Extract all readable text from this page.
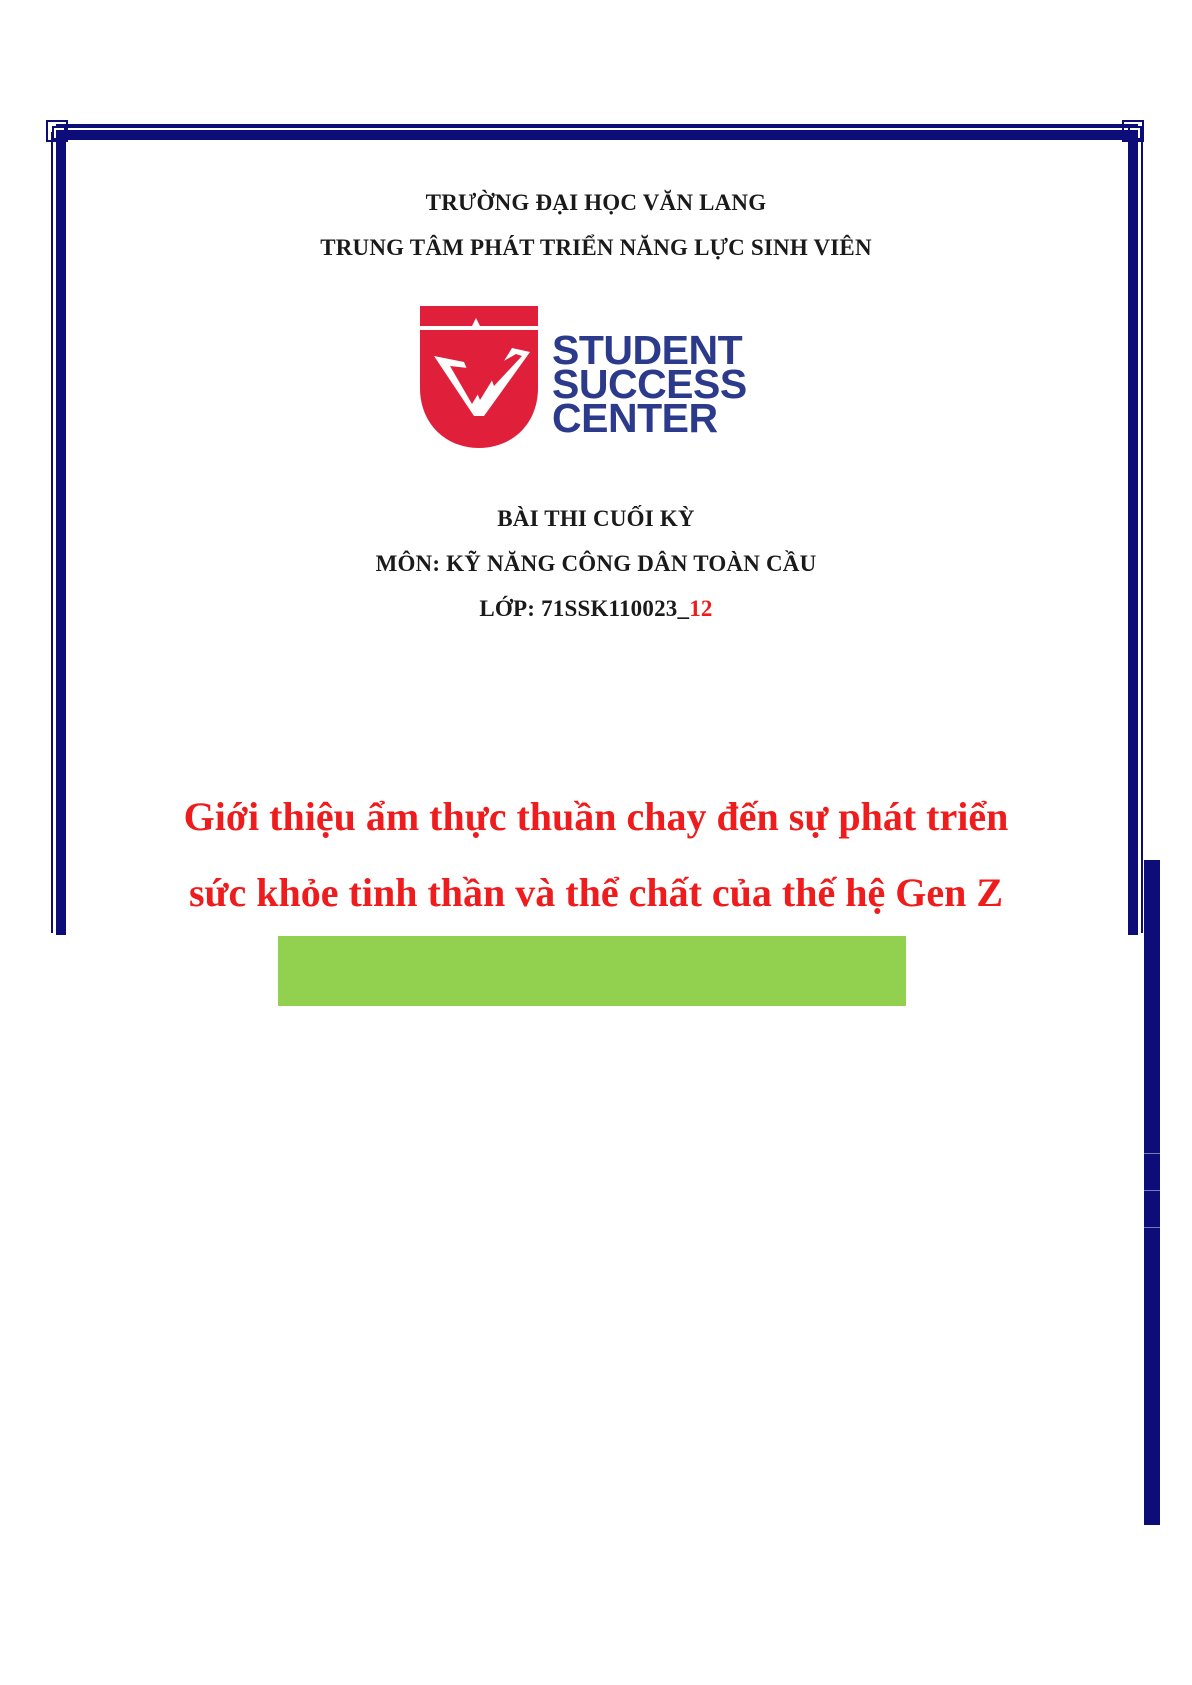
TRƯỜNG ĐẠI HỌC VĂN LANG
TRUNG TÂM PHÁT TRIỂN NĂNG LỰC SINH VIÊN
STUDENT
SUCCESS
CENTER
BÀI THI CUỐI KỲ
MÔN: KỸ NĂNG CÔNG DÂN TOÀN CẦU
LỚP: 71SSK110023_12
Giới thiệu ẩm thực thuần chay đến sự phát triển
sức khỏe tinh thần và thể chất của thế hệ Gen Z
